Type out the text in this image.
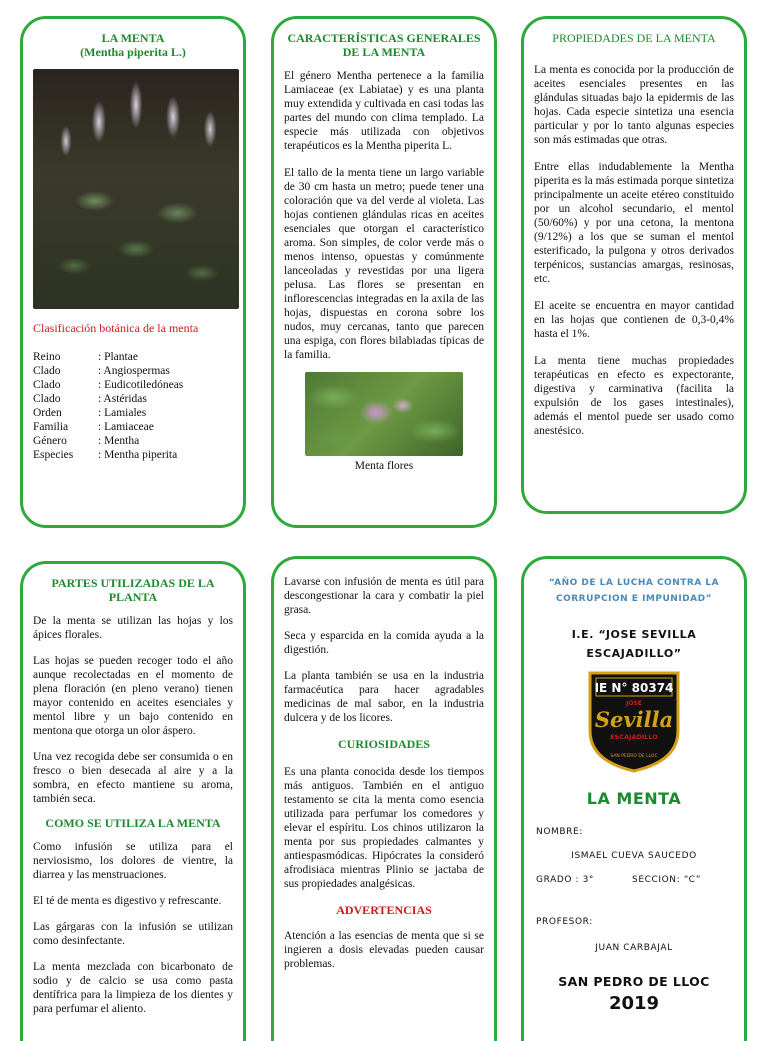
LA MENTA
(Mentha piperita L.)
Clasificación botánica de la menta
Reino	: Plantae
Clado	: Angiospermas
Clado	: Eudicotiledóneas
Clado	: Astéridas
Orden	: Lamiales
Familia	: Lamiaceae
Género	: Mentha
Especies	: Mentha piperita
CARACTERÍSTICAS GENERALES DE LA MENTA

El género Mentha pertenece a la familia Lamiaceae (ex Labiatae) y es una planta muy extendida y cultivada en casi todas las partes del mundo con clima templado. La especie más utilizada con objetivos terapéuticos es la Mentha piperita L.

El tallo de la menta tiene un largo variable de 30 cm hasta un metro; puede tener una coloración que va del verde al violeta. Las hojas contienen glándulas ricas en aceites esenciales que otorgan el característico aroma. Son simples, de color verde más o menos intenso, opuestas y comúnmente lanceoladas y revestidas por una ligera pelusa. Las flores se presentan en inflorescencias integradas en la axila de las hojas, dispuestas en corona sobre los nudos, muy cercanas, tanto que parecen una espiga, con flores bilabiadas típicas de la familia.

Menta flores
PROPIEDADES DE LA MENTA

La menta es conocida por la producción de aceites esenciales presentes en las glándulas situadas bajo la epidermis de las hojas. Cada especie sintetiza una esencia particular y por lo tanto algunas especies son más estimadas que otras.

Entre ellas indudablemente la Mentha piperita es la más estimada porque sintetiza principalmente un aceite etéreo constituido por un alcohol secundario, el mentol (50/60%) y por una cetona, la mentona (9/12%) a los que se suman el mentol esterificado, la pulgona y otros derivados terpénicos, sustancias amargas, resinosas, etc.

El aceite se encuentra en mayor cantidad en las hojas que contienen de 0,3-0,4% hasta el 1%.

La menta tiene muchas propiedades terapéuticas en efecto es expectorante, digestiva y carminativa (facilita la expulsión de los gases intestinales), además el mentol puede ser usado como anestésico.

PARTES UTILIZADAS DE LA PLANTA

De la menta se utilizan las hojas y los ápices florales.

Las hojas se pueden recoger todo el año aunque recolectadas en el momento de plena floración (en pleno verano) tienen mayor contenido en aceites esenciales y mentol libre y un bajo contenido en mentona que otorga un olor áspero.

Una vez recogida debe ser consumida o en fresco o bien desecada al aire y a la sombra, en efecto mantiene su aroma, también seca.

COMO SE UTILIZA LA MENTA

Como infusión se utiliza para el nerviosismo, los dolores de vientre, la diarrea y las menstruaciones.

El té de menta es digestivo y refrescante.

Las gárgaras con la infusión se utilizan como desinfectante.

La menta mezclada con bicarbonato de sodio y de calcio se usa como pasta dentífrica para la limpieza de los dientes y para perfumar el aliento.

Lavarse con infusión de menta es útil para descongestionar la cara y combatir la piel grasa.

Seca y esparcida en la comida ayuda a la digestión.

La planta también se usa en la industria farmacéutica para hacer agradables medicinas de mal sabor, en la industria dulcera y de los licores.

CURIOSIDADES

Es una planta conocida desde los tiempos más antiguos. También en el antiguo testamento se cita la menta como esencia utilizada para perfumar los comedores y elevar el espíritu. Los chinos utilizaron la menta por sus propiedades calmantes y antiespasmódicas. Hipócrates la consideró afrodisiaca mientras Plinio se jactaba de sus propiedades analgésicas.

ADVERTENCIAS

Atención a las esencias de menta que si se ingieren a dosis elevadas pueden causar problemas.

“AÑO DE LA LUCHA CONTRA LA CORRUPCION E IMPUNIDAD”
I.E. “JOSE SEVILLA
ESCAJADILLO”
IE N° 80374
JOSE
Sevilla
ESCAJADILLO
SAN PEDRO DE LLOC
LA MENTA
NOMBRE:
ISMAEL CUEVA SAUCEDO
GRADO : 3°	SECCION: “C”
PROFESOR:
JUAN CARBAJAL
SAN PEDRO DE LLOC
2019
